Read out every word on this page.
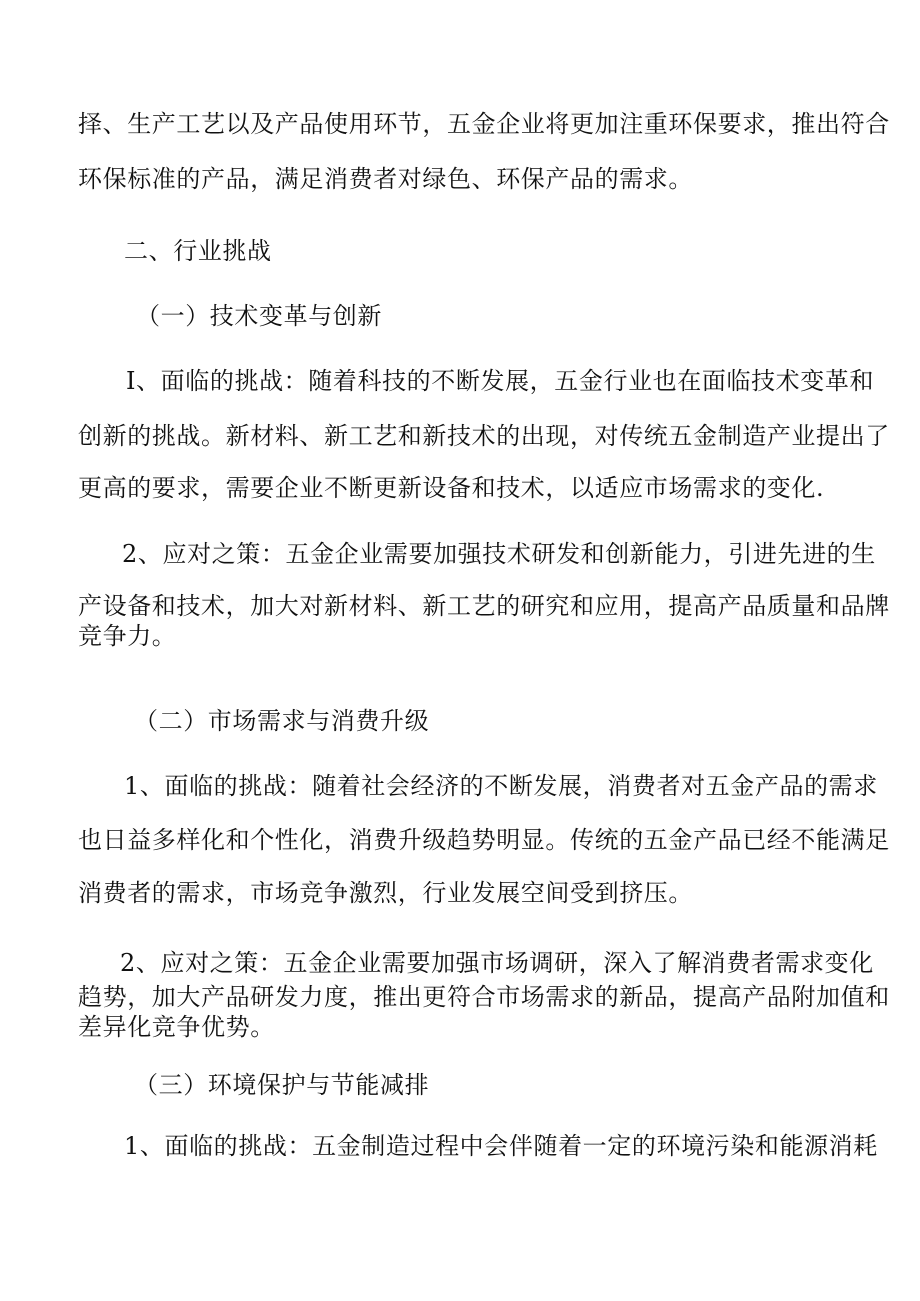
择、生产工艺以及产品使用环节，五金企业将更加注重环保要求，推出符合
环保标准的产品，满足消费者对绿色、环保产品的需求。
二、行业挑战
（一）技术变革与创新
I、面临的挑战：随着科技的不断发展，五金行业也在面临技术变革和
创新的挑战。新材料、新工艺和新技术的出现，对传统五金制造产业提出了
更高的要求，需要企业不断更新设备和技术，以适应市场需求的变化.
2、应对之策：五金企业需要加强技术研发和创新能力，引进先进的生
产设备和技术，加大对新材料、新工艺的研究和应用，提高产品质量和品牌
竞争力。
（二）市场需求与消费升级
1、面临的挑战：随着社会经济的不断发展，消费者对五金产品的需求
也日益多样化和个性化，消费升级趋势明显。传统的五金产品已经不能满足
消费者的需求，市场竞争激烈，行业发展空间受到挤压。
2、应对之策：五金企业需要加强市场调研，深入了解消费者需求变化
趋势，加大产品研发力度，推出更符合市场需求的新品，提高产品附加值和
差异化竞争优势。
（三）环境保护与节能减排
1、面临的挑战：五金制造过程中会伴随着一定的环境污染和能源消耗
